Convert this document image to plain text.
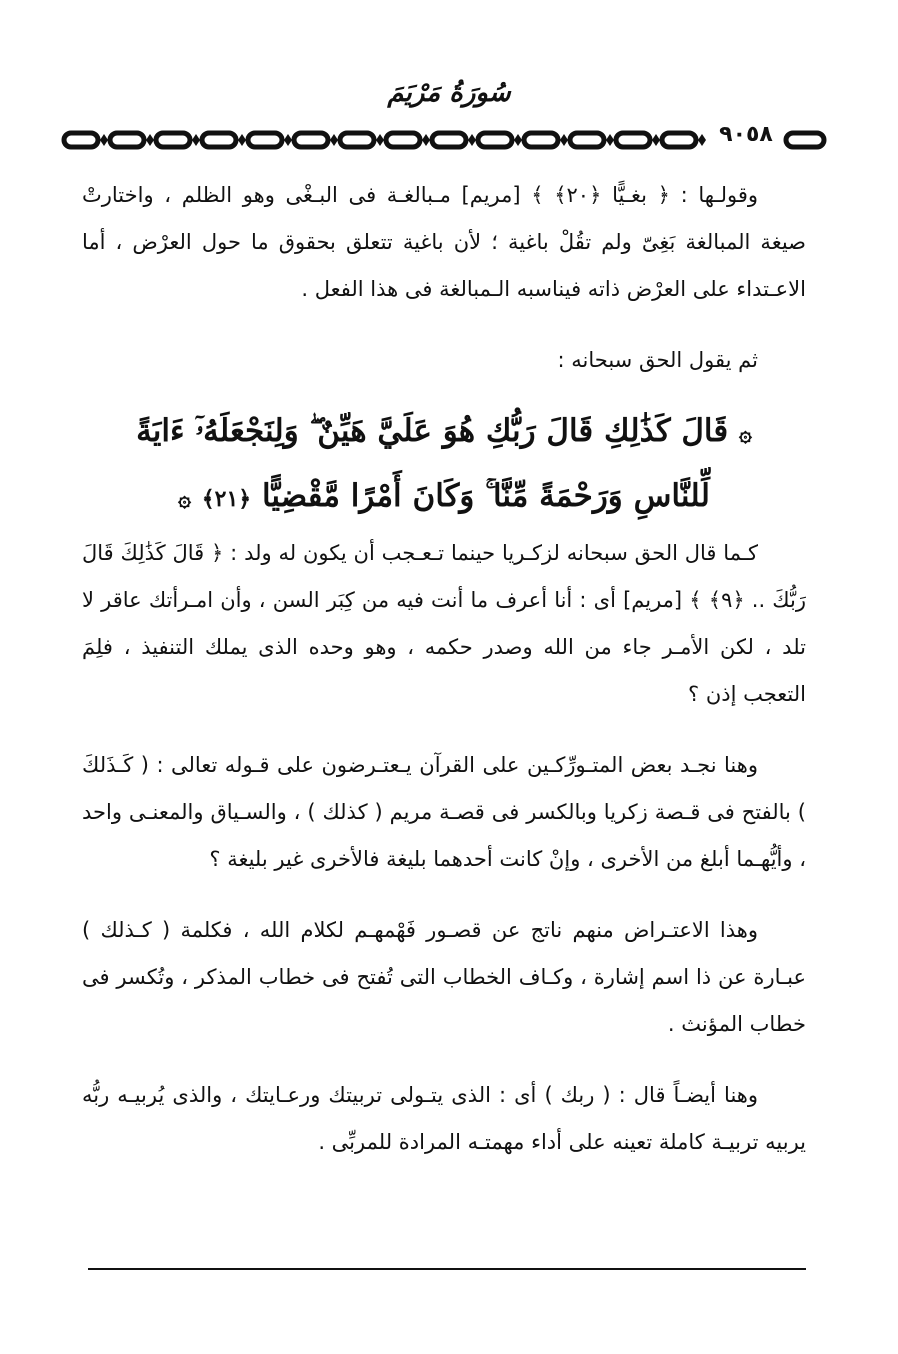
سُورَةُ مَرْيَمَ
٩٠٥٨

وقولـها : ﴿ بغـيًّا ﴿٢٠﴾ ﴾ [مريم] مـبالغـة فى البـغْى وهو الظلم ، واختارتْ صيغة المبالغة بَغِىّ ولم تقُلْ باغية ؛ لأن باغية تتعلق بحقوق ما حول العرْض ، أما الاعـتداء على العرْض ذاته فيناسبه الـمبالغة فى هذا الفعل .

ثم يقول الحق سبحانه :

۞ قَالَ كَذَٰلِكِ قَالَ رَبُّكِ هُوَ عَلَيَّ هَيِّنٌ ۖ وَلِنَجْعَلَهُۥٓ ءَايَةً لِّلنَّاسِ وَرَحْمَةً مِّنَّا ۚ وَكَانَ أَمْرًا مَّقْضِيًّا ﴿٢١﴾ ۞

كـما قال الحق سبحانه لزكـريا حينما تـعـجب أن يكون له ولد : ﴿ قَالَ كَذَٰلِكَ قَالَ رَبُّكَ .. ﴿٩﴾ ﴾ [مريم] أى : أنا أعرف ما أنت فيه من كِبَر السن ، وأن امـرأتك عاقر لا تلد ، لكن الأمـر جاء من الله وصدر حكمه ، وهو وحده الذى يملك التنفيذ ، فلِمَ التعجب إذن ؟

وهنا نجـد بعض المتـورِّكـين على القرآن يـعتـرضون على قـوله تعالى : ( كَـذَلكَ ) بالفتح فى قـصة زكريا وبالكسر فى قصـة مريم ( كذلك ) ، والسـياق والمعنـى واحد ، وأيُّهـما أبلغ من الأخرى ، وإنْ كانت أحدهما بليغة فالأخرى غير بليغة ؟

وهذا الاعتـراض منهم ناتج عن قصـور فَهْمهـم لكلام الله ، فكلمة ( كـذلك ) عبـارة عن ذا اسم إشارة ، وكـاف الخطاب التى تُفتح فى خطاب المذكر ، وتُكسر فى خطاب المؤنث .

وهنا أيضـاً قال : ( ربك ) أى : الذى يتـولى تربيتك ورعـايتك ، والذى يُربيـه ربُّه يربيه تربيـة كاملة تعينه على أداء مهمتـه المرادة للمربِّى .
